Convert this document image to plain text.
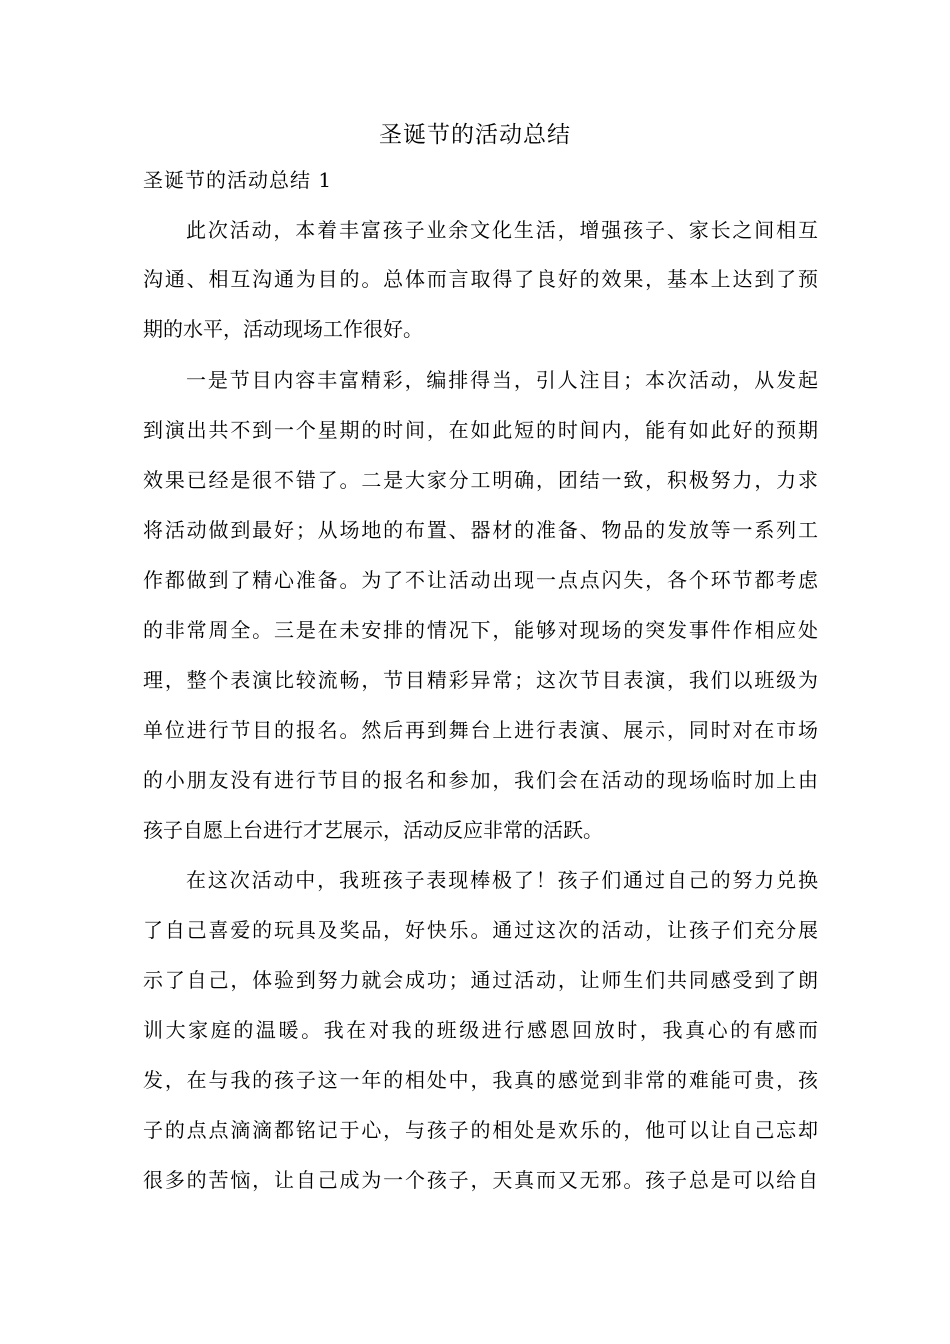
圣诞节的活动总结
圣诞节的活动总结 1
此次活动，本着丰富孩子业余文化生活，增强孩子、家长之间相互
沟通、相互沟通为目的。总体而言取得了良好的效果，基本上达到了预
期的水平，活动现场工作很好。
一是节目内容丰富精彩，编排得当，引人注目；本次活动，从发起
到演出共不到一个星期的时间，在如此短的时间内，能有如此好的预期
效果已经是很不错了。二是大家分工明确，团结一致，积极努力，力求
将活动做到最好；从场地的布置、器材的准备、物品的发放等一系列工
作都做到了精心准备。为了不让活动出现一点点闪失，各个环节都考虑
的非常周全。三是在未安排的情况下，能够对现场的突发事件作相应处
理，整个表演比较流畅，节目精彩异常；这次节目表演，我们以班级为
单位进行节目的报名。然后再到舞台上进行表演、展示，同时对在市场
的小朋友没有进行节目的报名和参加，我们会在活动的现场临时加上由
孩子自愿上台进行才艺展示，活动反应非常的活跃。
在这次活动中，我班孩子表现棒极了！孩子们通过自己的努力兑换
了自己喜爱的玩具及奖品，好快乐。通过这次的活动，让孩子们充分展
示了自己，体验到努力就会成功；通过活动，让师生们共同感受到了朗
训大家庭的温暖。我在对我的班级进行感恩回放时，我真心的有感而
发，在与我的孩子这一年的相处中，我真的感觉到非常的难能可贵，孩
子的点点滴滴都铭记于心，与孩子的相处是欢乐的，他可以让自己忘却
很多的苦恼，让自己成为一个孩子，天真而又无邪。孩子总是可以给自
